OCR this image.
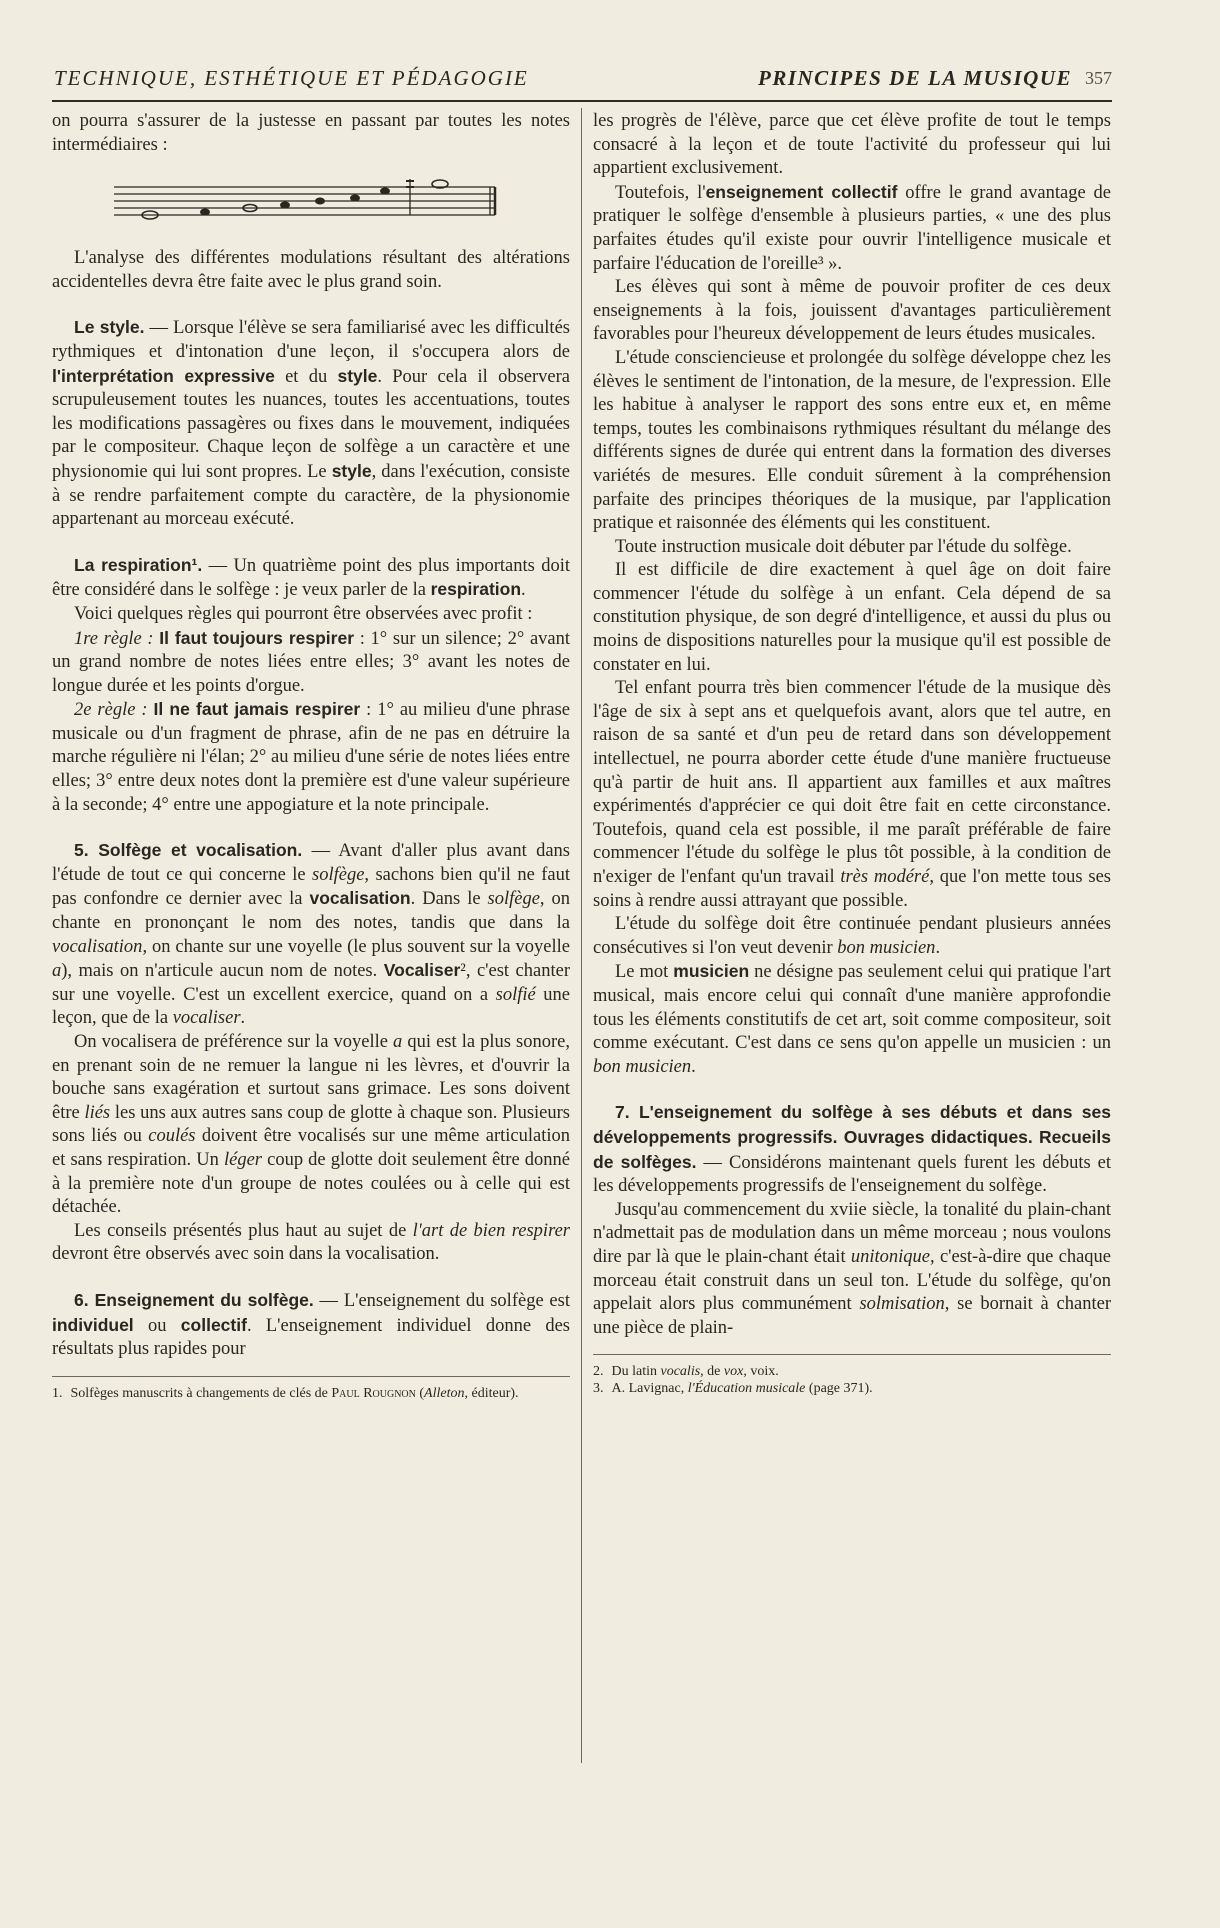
TECHNIQUE, ESTHÉTIQUE ET PÉDAGOGIE	PRINCIPES DE LA MUSIQUE 357

on pourra s'assurer de la justesse en passant par toutes les notes intermédiaires :

L'analyse des différentes modulations résultant des altérations accidentelles devra être faite avec le plus grand soin.

Le style. — Lorsque l'élève se sera familiarisé avec les difficultés rythmiques et d'intonation d'une leçon, il s'occupera alors de l'interprétation expressive et du style. Pour cela il observera scrupuleusement toutes les nuances, toutes les accentuations, toutes les modifications passagères ou fixes dans le mouvement, indiquées par le compositeur. Chaque leçon de solfège a un caractère et une physionomie qui lui sont propres. Le style, dans l'exécution, consiste à se rendre parfaitement compte du caractère, de la physionomie appartenant au morceau exécuté.

La respiration¹. — Un quatrième point des plus importants doit être considéré dans le solfège : je veux parler de la respiration.

Voici quelques règles qui pourront être observées avec profit :

1re règle : Il faut toujours respirer : 1° sur un silence; 2° avant un grand nombre de notes liées entre elles; 3° avant les notes de longue durée et les points d'orgue.

2e règle : Il ne faut jamais respirer : 1° au milieu d'une phrase musicale ou d'un fragment de phrase, afin de ne pas en détruire la marche régulière ni l'élan; 2° au milieu d'une série de notes liées entre elles; 3° entre deux notes dont la première est d'une valeur supérieure à la seconde; 4° entre une appogiature et la note principale.

5. Solfège et vocalisation. — Avant d'aller plus avant dans l'étude de tout ce qui concerne le solfège, sachons bien qu'il ne faut pas confondre ce dernier avec la vocalisation. Dans le solfège, on chante en prononçant le nom des notes, tandis que dans la vocalisation, on chante sur une voyelle (le plus souvent sur la voyelle a), mais on n'articule aucun nom de notes. Vocaliser², c'est chanter sur une voyelle. C'est un excellent exercice, quand on a solfié une leçon, que de la vocaliser.

On vocalisera de préférence sur la voyelle a qui est la plus sonore, en prenant soin de ne remuer la langue ni les lèvres, et d'ouvrir la bouche sans exagération et surtout sans grimace. Les sons doivent être liés les uns aux autres sans coup de glotte à chaque son. Plusieurs sons liés ou coulés doivent être vocalisés sur une même articulation et sans respiration. Un léger coup de glotte doit seulement être donné à la première note d'un groupe de notes coulées ou à celle qui est détachée.

Les conseils présentés plus haut au sujet de l'art de bien respirer devront être observés avec soin dans la vocalisation.

6. Enseignement du solfège. — L'enseignement du solfège est individuel ou collectif. L'enseignement individuel donne des résultats plus rapides pour

1. Solfèges manuscrits à changements de clés de Paul Rougnon (Alleton, éditeur).

les progrès de l'élève, parce que cet élève profite de tout le temps consacré à la leçon et de toute l'activité du professeur qui lui appartient exclusivement.

Toutefois, l'enseignement collectif offre le grand avantage de pratiquer le solfège d'ensemble à plusieurs parties, « une des plus parfaites études qu'il existe pour ouvrir l'intelligence musicale et parfaire l'éducation de l'oreille³ ».

Les élèves qui sont à même de pouvoir profiter de ces deux enseignements à la fois, jouissent d'avantages particulièrement favorables pour l'heureux développement de leurs études musicales.

L'étude consciencieuse et prolongée du solfège développe chez les élèves le sentiment de l'intonation, de la mesure, de l'expression. Elle les habitue à analyser le rapport des sons entre eux et, en même temps, toutes les combinaisons rythmiques résultant du mélange des différents signes de durée qui entrent dans la formation des diverses variétés de mesures. Elle conduit sûrement à la compréhension parfaite des principes théoriques de la musique, par l'application pratique et raisonnée des éléments qui les constituent.

Toute instruction musicale doit débuter par l'étude du solfège.

Il est difficile de dire exactement à quel âge on doit faire commencer l'étude du solfège à un enfant. Cela dépend de sa constitution physique, de son degré d'intelligence, et aussi du plus ou moins de dispositions naturelles pour la musique qu'il est possible de constater en lui.

Tel enfant pourra très bien commencer l'étude de la musique dès l'âge de six à sept ans et quelquefois avant, alors que tel autre, en raison de sa santé et d'un peu de retard dans son développement intellectuel, ne pourra aborder cette étude d'une manière fructueuse qu'à partir de huit ans. Il appartient aux familles et aux maîtres expérimentés d'apprécier ce qui doit être fait en cette circonstance. Toutefois, quand cela est possible, il me paraît préférable de faire commencer l'étude du solfège le plus tôt possible, à la condition de n'exiger de l'enfant qu'un travail très modéré, que l'on mette tous ses soins à rendre aussi attrayant que possible.

L'étude du solfège doit être continuée pendant plusieurs années consécutives si l'on veut devenir bon musicien.

Le mot musicien ne désigne pas seulement celui qui pratique l'art musical, mais encore celui qui connaît d'une manière approfondie tous les éléments constitutifs de cet art, soit comme compositeur, soit comme exécutant. C'est dans ce sens qu'on appelle un musicien : un bon musicien.

7. L'enseignement du solfège à ses débuts et dans ses développements progressifs. Ouvrages didactiques. Recueils de solfèges. — Considérons maintenant quels furent les débuts et les développements progressifs de l'enseignement du solfège.

Jusqu'au commencement du xviie siècle, la tonalité du plain-chant n'admettait pas de modulation dans un même morceau ; nous voulons dire par là que le plain-chant était unitonique, c'est-à-dire que chaque morceau était construit dans un seul ton. L'étude du solfège, qu'on appelait alors plus communément solmisation, se bornait à chanter une pièce de plain-

2. Du latin vocalis, de vox, voix.

3. A. Lavignac, l'Éducation musicale (page 371).
